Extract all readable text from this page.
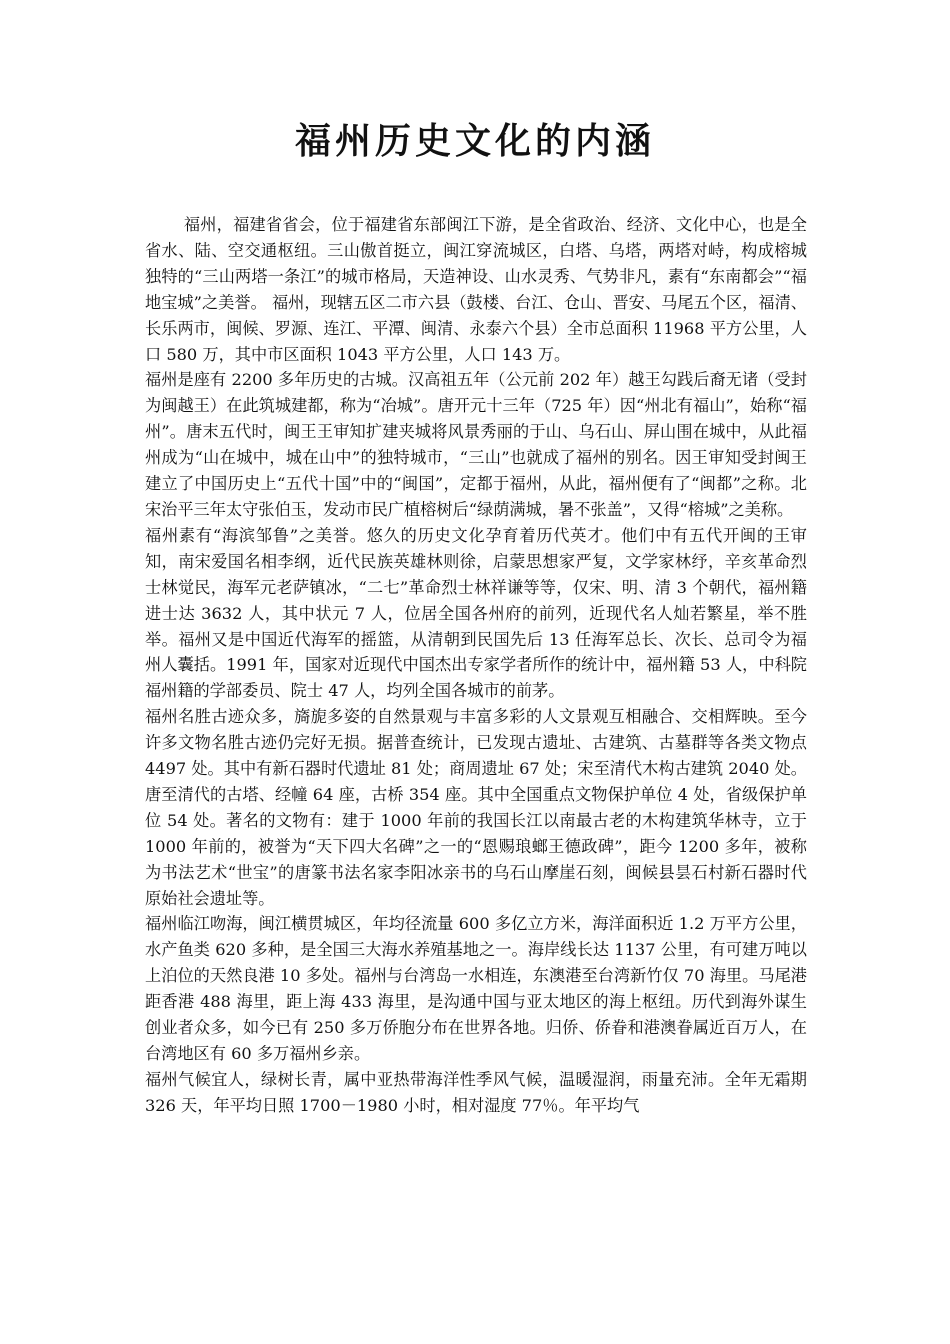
福州历史文化的内涵

福州，福建省省会，位于福建省东部闽江下游，是全省政治、经济、文化中心，也是全省水、陆、空交通枢纽。三山傲首挺立，闽江穿流城区，白塔、乌塔，两塔对峙，构成榕城独特的“三山两塔一条江”的城市格局，天造神设、山水灵秀、气势非凡，素有“东南都会”“福地宝城”之美誉。 福州，现辖五区二市六县（鼓楼、台江、仓山、晋安、马尾五个区，福清、长乐两市，闽候、罗源、连江、平潭、闽清、永泰六个县）全市总面积 11968 平方公里，人口 580 万，其中市区面积 1043 平方公里，人口 143 万。

福州是座有 2200 多年历史的古城。汉高祖五年（公元前 202 年）越王勾践后裔无诸（受封为闽越王）在此筑城建都，称为“冶城”。唐开元十三年（725 年）因“州北有福山”，始称“福州”。唐末五代时，闽王王审知扩建夹城将风景秀丽的于山、乌石山、屏山围在城中，从此福州成为“山在城中，城在山中”的独特城市，“三山”也就成了福州的别名。因王审知受封闽王建立了中国历史上“五代十国”中的“闽国”，定都于福州，从此，福州便有了“闽都”之称。北宋治平三年太守张伯玉，发动市民广植榕树后“绿荫满城，暑不张盖”，又得“榕城”之美称。

福州素有“海滨邹鲁”之美誉。悠久的历史文化孕育着历代英才。他们中有五代开闽的王审知，南宋爱国名相李纲，近代民族英雄林则徐，启蒙思想家严复，文学家林纾，辛亥革命烈士林觉民，海军元老萨镇冰，“二七”革命烈士林祥谦等等，仅宋、明、清 3 个朝代，福州籍进士达 3632 人，其中状元 7 人，位居全国各州府的前列，近现代名人灿若繁星，举不胜举。福州又是中国近代海军的摇篮，从清朝到民国先后 13 任海军总长、次长、总司令为福州人囊括。1991 年，国家对近现代中国杰出专家学者所作的统计中，福州籍 53 人，中科院福州籍的学部委员、院士 47 人，均列全国各城市的前茅。

福州名胜古迹众多，旖旎多姿的自然景观与丰富多彩的人文景观互相融合、交相辉映。至今许多文物名胜古迹仍完好无损。据普查统计，已发现古遗址、古建筑、古墓群等各类文物点 4497 处。其中有新石器时代遗址 81 处；商周遗址 67 处；宋至清代木构古建筑 2040 处。唐至清代的古塔、经幢 64 座，古桥 354 座。其中全国重点文物保护单位 4 处，省级保护单位 54 处。著名的文物有：建于 1000 年前的我国长江以南最古老的木构建筑华林寺，立于 1000 年前的，被誉为“天下四大名碑”之一的“恩赐琅螂王德政碑”，距今 1200 多年，被称为书法艺术“世宝”的唐篆书法名家李阳冰亲书的乌石山摩崖石刻，闽候县昙石村新石器时代原始社会遗址等。

福州临江吻海，闽江横贯城区，年均径流量 600 多亿立方米，海洋面积近 1.2 万平方公里，水产鱼类 620 多种，是全国三大海水养殖基地之一。海岸线长达 1137 公里，有可建万吨以上泊位的天然良港 10 多处。福州与台湾岛一水相连，东澳港至台湾新竹仅 70 海里。马尾港距香港 488 海里，距上海 433 海里，是沟通中国与亚太地区的海上枢纽。历代到海外谋生创业者众多，如今已有 250 多万侨胞分布在世界各地。归侨、侨眷和港澳眷属近百万人，在台湾地区有 60 多万福州乡亲。

福州气候宜人，绿树长青，属中亚热带海洋性季风气候，温暖湿润，雨量充沛。全年无霜期 326 天，年平均日照 1700－1980 小时，相对湿度 77％。年平均气
